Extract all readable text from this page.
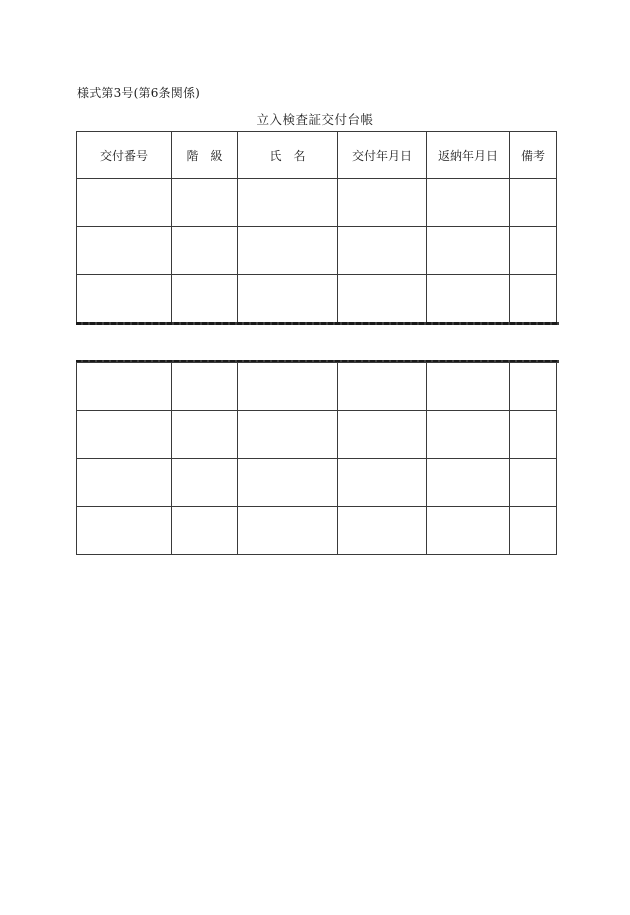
様式第3号(第6条関係)
立入検査証交付台帳
交付番号	階　級	氏　名	交付年月日	返納年月日	備考
